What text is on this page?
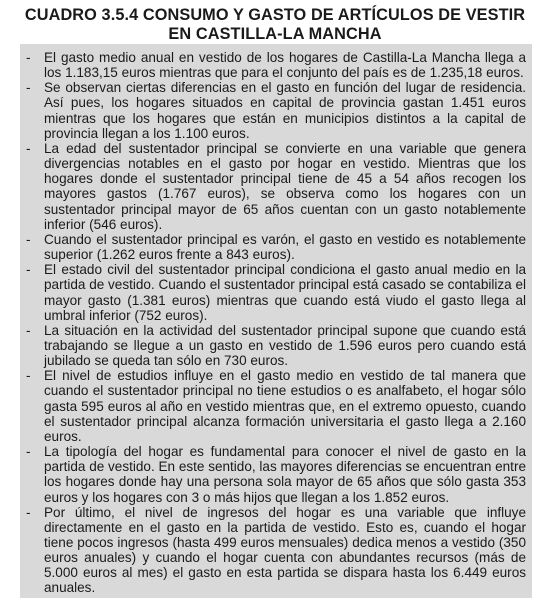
CUADRO 3.5.4 CONSUMO Y GASTO DE ARTÍCULOS DE VESTIR
EN CASTILLA-LA MANCHA
- El gasto medio anual en vestido de los hogares de Castilla-La Mancha llega a los 1.183,15 euros mientras que para el conjunto del país es de 1.235,18 euros.
- Se observan ciertas diferencias en el gasto en función del lugar de residencia. Así pues, los hogares situados en capital de provincia gastan 1.451 euros mientras que los hogares que están en municipios distintos a la capital de provincia llegan a los 1.100 euros.
- La edad del sustentador principal se convierte en una variable que genera divergencias notables en el gasto por hogar en vestido. Mientras que los hogares donde el sustentador principal tiene de 45 a 54 años recogen los mayores gastos (1.767 euros), se observa como los hogares con un sustentador principal mayor de 65 años cuentan con un gasto notablemente inferior (546 euros).
- Cuando el sustentador principal es varón, el gasto en vestido es notablemente superior (1.262 euros frente a 843 euros).
- El estado civil del sustentador principal condiciona el gasto anual medio en la partida de vestido. Cuando el sustentador principal está casado se contabiliza el mayor gasto (1.381 euros) mientras que cuando está viudo el gasto llega al umbral inferior (752 euros).
- La situación en la actividad del sustentador principal supone que cuando está trabajando se llegue a un gasto en vestido de 1.596 euros pero cuando está jubilado se queda tan sólo en 730 euros.
- El nivel de estudios influye en el gasto medio en vestido de tal manera que cuando el sustentador principal no tiene estudios o es analfabeto, el hogar sólo gasta 595 euros al año en vestido mientras que, en el extremo opuesto, cuando el sustentador principal alcanza formación universitaria el gasto llega a 2.160 euros.
- La tipología del hogar es fundamental para conocer el nivel de gasto en la partida de vestido. En este sentido, las mayores diferencias se encuentran entre los hogares donde hay una persona sola mayor de 65 años que sólo gasta 353 euros y los hogares con 3 o más hijos que llegan a los 1.852 euros.
- Por último, el nivel de ingresos del hogar es una variable que influye directamente en el gasto en la partida de vestido. Esto es, cuando el hogar tiene pocos ingresos (hasta 499 euros mensuales) dedica menos a vestido (350 euros anuales) y cuando el hogar cuenta con abundantes recursos (más de 5.000 euros al mes) el gasto en esta partida se dispara hasta los 6.449 euros anuales.
